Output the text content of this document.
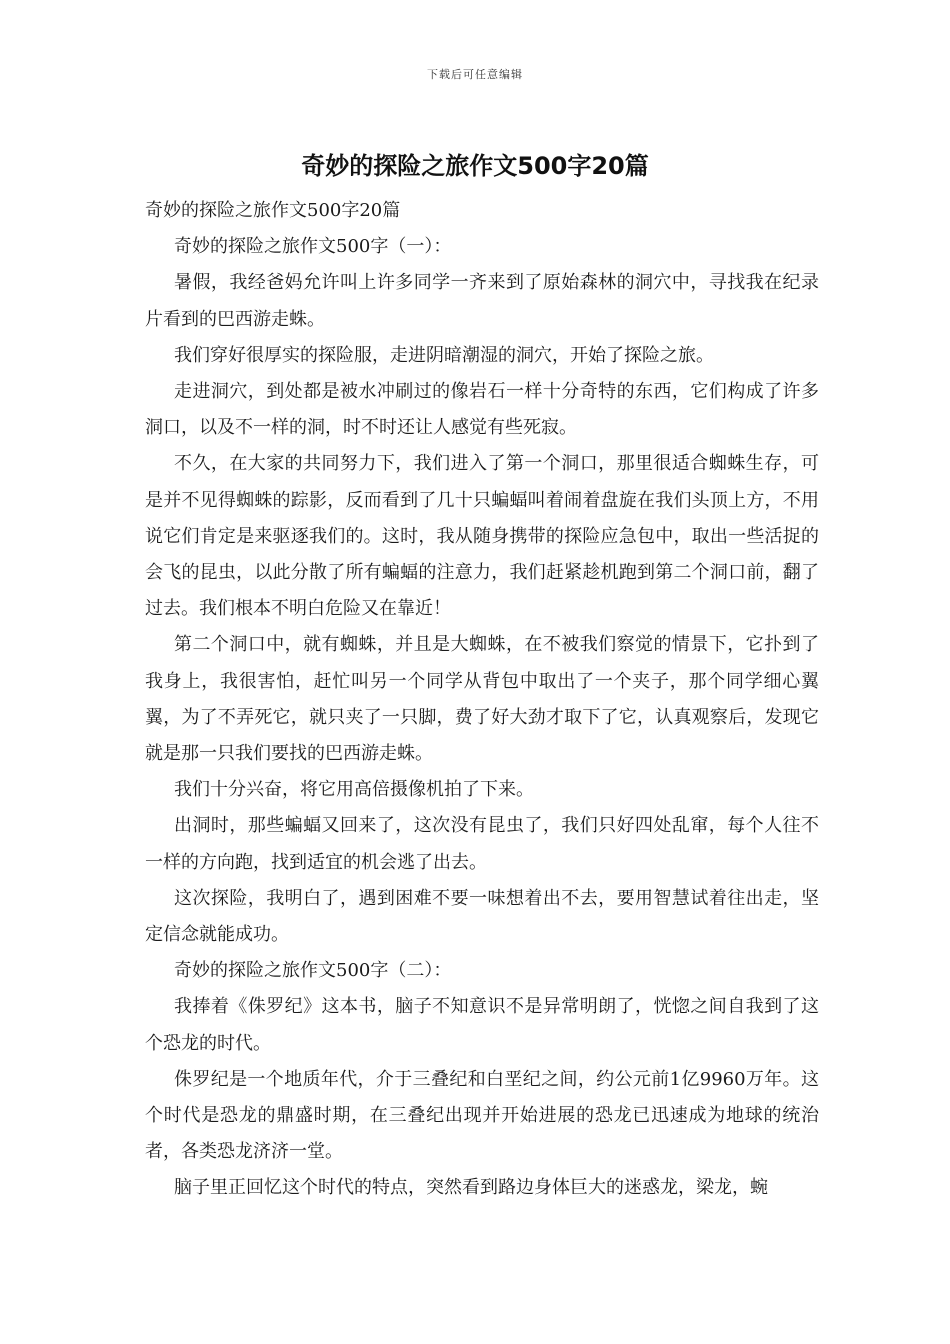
下载后可任意编辑
奇妙的探险之旅作文500字20篇

奇妙的探险之旅作文500字20篇

奇妙的探险之旅作文500字（一）：

暑假，我经爸妈允许叫上许多同学一齐来到了原始森林的洞穴中，寻找我在纪录片看到的巴西游走蛛。

我们穿好很厚实的探险服，走进阴暗潮湿的洞穴，开始了探险之旅。

走进洞穴，到处都是被水冲刷过的像岩石一样十分奇特的东西，它们构成了许多洞口，以及不一样的洞，时不时还让人感觉有些死寂。

不久，在大家的共同努力下，我们进入了第一个洞口，那里很适合蜘蛛生存，可是并不见得蜘蛛的踪影，反而看到了几十只蝙蝠叫着闹着盘旋在我们头顶上方，不用说它们肯定是来驱逐我们的。这时，我从随身携带的探险应急包中，取出一些活捉的会飞的昆虫，以此分散了所有蝙蝠的注意力，我们赶紧趁机跑到第二个洞口前，翻了过去。我们根本不明白危险又在靠近！

第二个洞口中，就有蜘蛛，并且是大蜘蛛，在不被我们察觉的情景下，它扑到了我身上，我很害怕，赶忙叫另一个同学从背包中取出了一个夹子，那个同学细心翼翼，为了不弄死它，就只夹了一只脚，费了好大劲才取下了它，认真观察后，发现它就是那一只我们要找的巴西游走蛛。

我们十分兴奋，将它用高倍摄像机拍了下来。

出洞时，那些蝙蝠又回来了，这次没有昆虫了，我们只好四处乱窜，每个人往不一样的方向跑，找到适宜的机会逃了出去。

这次探险，我明白了，遇到困难不要一味想着出不去，要用智慧试着往出走，坚定信念就能成功。

奇妙的探险之旅作文500字（二）：

我捧着《侏罗纪》这本书，脑子不知意识不是异常明朗了，恍惚之间自我到了这个恐龙的时代。

侏罗纪是一个地质年代，介于三叠纪和白垩纪之间，约公元前1亿9960万年。这个时代是恐龙的鼎盛时期，在三叠纪出现并开始进展的恐龙已迅速成为地球的统治者，各类恐龙济济一堂。

脑子里正回忆这个时代的特点，突然看到路边身体巨大的迷惑龙，梁龙，蜿
